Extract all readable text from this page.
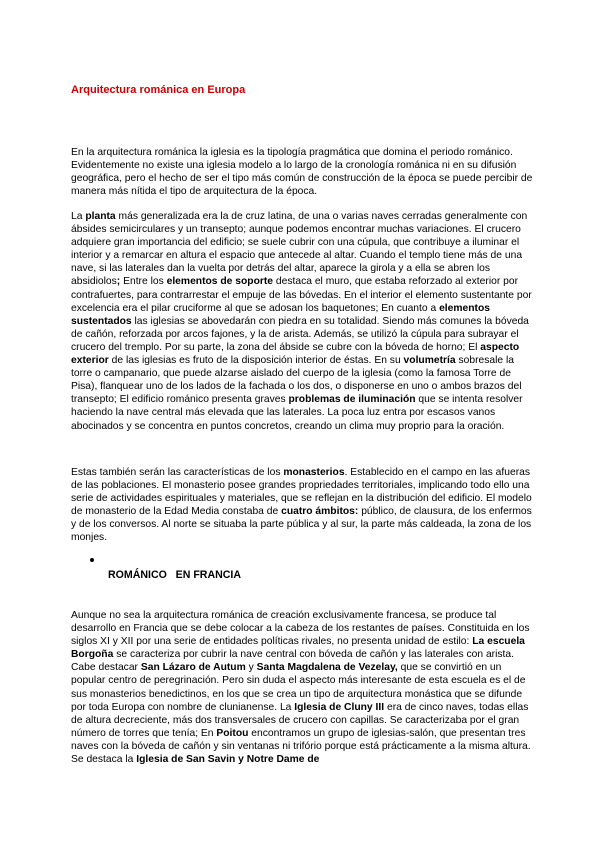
Arquitectura románica en Europa

En la arquitectura románica la iglesia es la tipología pragmática que domina el periodo románico. Evidentemente no existe una iglesia modelo a lo largo de la cronología románica ni en su difusión geográfica, pero el hecho de ser el tipo más común de construcción de la época se puede percibir de manera más nítida el tipo de arquitectura de la época.

La planta más generalizada era la de cruz latina, de una o varias naves cerradas generalmente con ábsides semicirculares y un transepto; aunque podemos encontrar muchas variaciones. El crucero adquiere gran importancia del edificio; se suele cubrir con una cúpula, que contribuye a iluminar el interior y a remarcar en altura el espacio que antecede al altar. Cuando el templo tiene más de una nave, si las laterales dan la vuelta por detrás del altar, aparece la girola y a ella se abren los absidiolos; Entre los elementos de soporte destaca el muro, que estaba reforzado al exterior por contrafuertes, para contrarrestar el empuje de las bóvedas. En el interior el elemento sustentante por excelencia era el pilar cruciforme al que se adosan los baquetones; En cuanto a elementos sustentados las iglesias se abovedarán con piedra en su totalidad. Siendo más comunes la bóveda de cañón, reforzada por arcos fajones, y la de arista. Además, se utilizó la cúpula para subrayar el crucero del tremplo. Por su parte, la zona del ábside se cubre con la bóveda de horno; El aspecto exterior de las iglesias es fruto de la disposición interior de éstas. En su volumetría sobresale la torre o campanario, que puede alzarse aislado del cuerpo de la iglesia (como la famosa Torre de Pisa), flanquear uno de los lados de la fachada o los dos, o disponerse en uno o ambos brazos del transepto; El edificio románico presenta graves problemas de iluminación que se intenta resolver haciendo la nave central más elevada que las laterales. La poca luz entra por escasos vanos abocinados y se concentra en puntos concretos, creando un clima muy proprio para la oración.

Estas también serán las características de los monasterios. Establecido en el campo en las afueras de las poblaciones. El monasterio posee grandes propriedades territoriales, implicando todo ello una serie de actividades espirituales y materiales, que se reflejan en la distribución del edificio. El modelo de monasterio de la Edad Media constaba de cuatro ámbitos: público, de clausura, de los enfermos y de los conversos. Al norte se situaba la parte pública y al sur, la parte más caldeada, la zona de los monjes.

ROMÁNICO   EN FRANCIA

Aunque no sea la arquitectura románica de creación exclusivamente francesa, se produce tal desarrollo en Francia que se debe colocar a la cabeza de los restantes de países. Constituida en los siglos XI y XII por una serie de entidades políticas rivales, no presenta unidad de estilo: La escuela Borgoña se caracteriza por cubrir la nave central con bóveda de cañón y las laterales con arista. Cabe destacar San Lázaro de Autum y Santa Magdalena de Vezelay, que se convirtió en un popular centro de peregrinación. Pero sin duda el aspecto más interesante de esta escuela es el de sus monasterios benedictinos, en los que se crea un tipo de arquitectura monástica que se difunde por toda Europa con nombre de clunianense. La Iglesia de Cluny III era de cinco naves, todas ellas de altura decreciente, más dos transversales de crucero con capillas. Se caracterizaba por el gran número de torres que tenía; En Poitou encontramos un grupo de iglesias-salón, que presentan tres naves con la bóveda de cañón y sin ventanas ni trifório porque está prácticamente a la misma altura. Se destaca la Iglesia de San Savin y Notre Dame de
